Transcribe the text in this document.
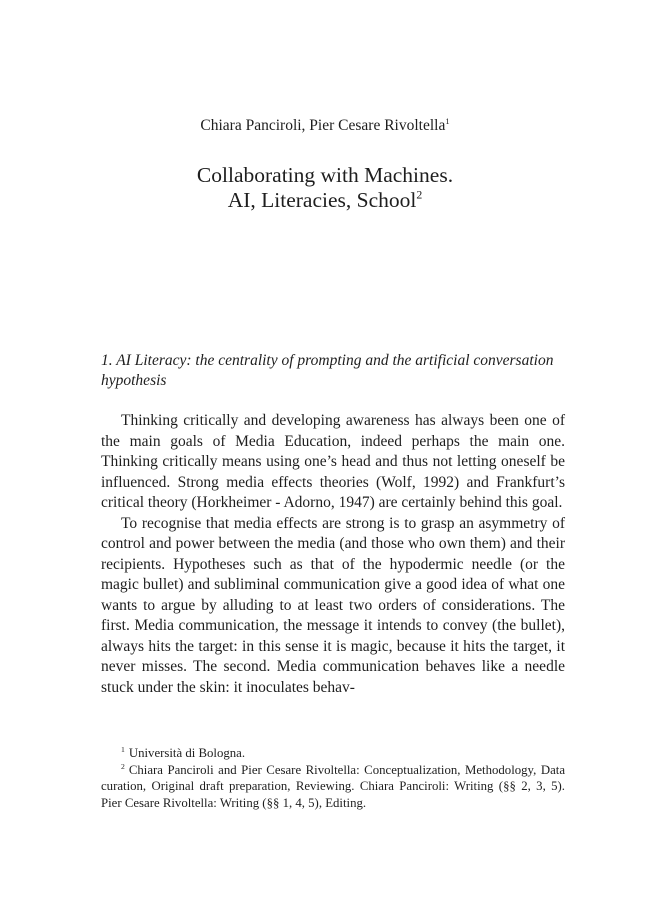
Chiara Panciroli, Pier Cesare Rivoltella$^1$
Collaborating with Machines.
AI, Literacies, School$^2$
1. AI Literacy: the centrality of prompting and the artificial conversation hypothesis

Thinking critically and developing awareness has always been one of the main goals of Media Education, indeed perhaps the main one. Thinking critically means using one’s head and thus not letting oneself be influenced. Strong media effects theories (Wolf, 1992) and Frankfurt’s critical theory (Horkheimer - Adorno, 1947) are certainly behind this goal.

To recognise that media effects are strong is to grasp an asymmetry of control and power between the media (and those who own them) and their recipients. Hypotheses such as that of the hypodermic needle (or the magic bullet) and subliminal communication give a good idea of what one wants to argue by alluding to at least two orders of considerations. The first. Media communication, the message it intends to convey (the bullet), always hits the target: in this sense it is magic, because it hits the target, it never misses. The second. Media communication behaves like a needle stuck under the skin: it inoculates behav-

$^1$ Università di Bologna.

$^2$ Chiara Panciroli and Pier Cesare Rivoltella: Conceptualization, Methodology, Data curation, Original draft preparation, Reviewing. Chiara Panciroli: Writing (§§ 2, 3, 5). Pier Cesare Rivoltella: Writing (§§ 1, 4, 5), Editing.
